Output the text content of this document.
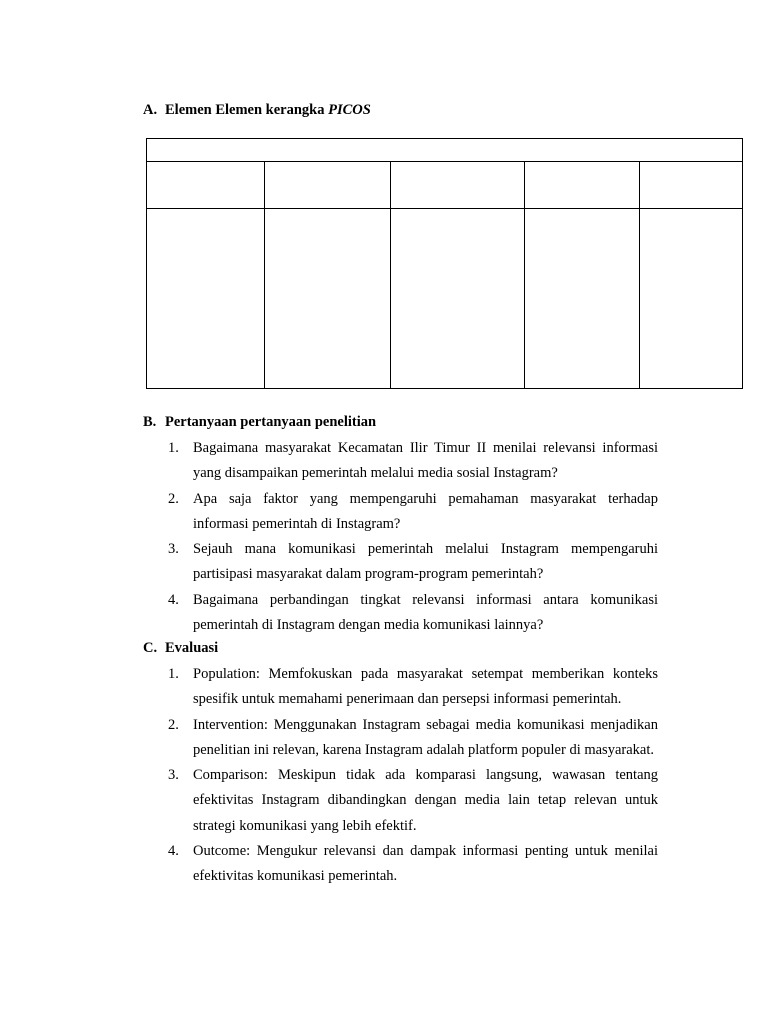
A. Elemen Elemen kerangka PICOS

B. Pertanyaan pertanyaan penelitian
1. Bagaimana masyarakat Kecamatan Ilir Timur II menilai relevansi informasi yang disampaikan pemerintah melalui media sosial Instagram?
2. Apa saja faktor yang mempengaruhi pemahaman masyarakat terhadap informasi pemerintah di Instagram?
3. Sejauh mana komunikasi pemerintah melalui Instagram mempengaruhi partisipasi masyarakat dalam program-program pemerintah?
4. Bagaimana perbandingan tingkat relevansi informasi antara komunikasi pemerintah di Instagram dengan media komunikasi lainnya?
C. Evaluasi
1. Population: Memfokuskan pada masyarakat setempat memberikan konteks spesifik untuk memahami penerimaan dan persepsi informasi pemerintah.
2. Intervention: Menggunakan Instagram sebagai media komunikasi menjadikan penelitian ini relevan, karena Instagram adalah platform populer di masyarakat.
3. Comparison: Meskipun tidak ada komparasi langsung, wawasan tentang efektivitas Instagram dibandingkan dengan media lain tetap relevan untuk strategi komunikasi yang lebih efektif.
4. Outcome: Mengukur relevansi dan dampak informasi penting untuk menilai efektivitas komunikasi pemerintah.
